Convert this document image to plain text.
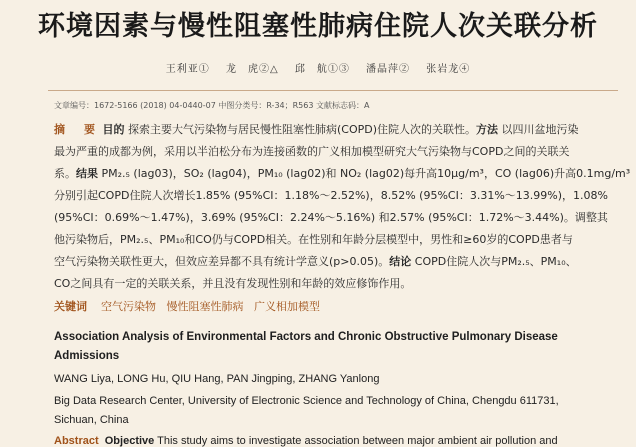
环境因素与慢性阻塞性肺病住院人次关联分析
王利亚① 龙　虎②△ 邱　航①③ 潘晶萍② 张岩龙④
文章编号：1672-5166 (2018) 04-0440-07 中图分类号：R-34；R563 文献标志码：A
摘　要 目的 探索主要大气污染物与居民慢性阻塞性肺病(COPD)住院人次的关联性。方法 以四川盆地污染
最为严重的成都为例，采用以半泊松分布为连接函数的广义相加模型研究大气污染物与COPD之间的关联关
系。结果 PM₂.₅ (lag03)，SO₂ (lag04)，PM₁₀ (lag02)和 NO₂ (lag02)每升高10μg/m³，CO (lag06)升高0.1mg/m³
分别引起COPD住院人次增长1.85% (95%CI：1.18%～2.52%)，8.52% (95%CI：3.31%～13.99%)，1.08%
(95%CI：0.69%～1.47%)，3.69% (95%CI：2.24%～5.16%) 和2.57% (95%CI：1.72%～3.44%)。调整其
他污染物后，PM₂.₅、PM₁₀和CO仍与COPD相关。在性别和年龄分层模型中，男性和≥60岁的COPD患者与
空气污染物关联性更大，但效应差异都不具有统计学意义(p>0.05)。结论 COPD住院人次与PM₂.₅、PM₁₀、
CO之间具有一定的关联关系，并且没有发现性别和年龄的效应修饰作用。
关键词 空气污染物 慢性阻塞性肺病 广义相加模型
Association Analysis of Environmental Factors and Chronic Obstructive Pulmonary Disease
Admissions
WANG Liya, LONG Hu, QIU Hang, PAN Jingping, ZHANG Yanlong
Big Data Research Center, University of Electronic Science and Technology of China, Chengdu 611731,
Sichuan, China
Abstract Objective This study aims to investigate association between major ambient air pollution and
